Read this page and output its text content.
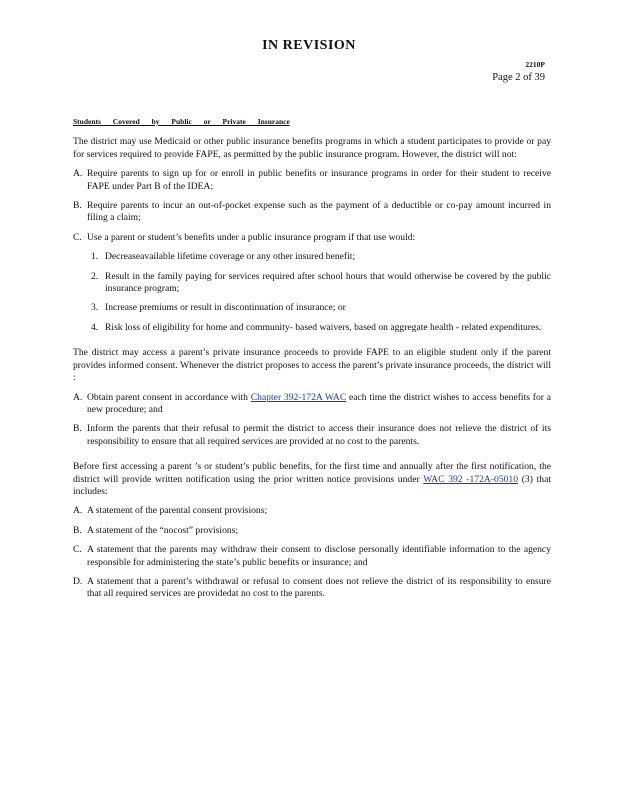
IN REVISION
2210P
Page 2 of 39
Students Covered by Public or Private Insurance

The district may use Medicaid or other public insurance benefits programs in which a student participates to provide or pay for services required to provide FAPE, as permitted by the public insurance program. However, the district will not:

A. Require parents to sign up for or enroll in public benefits or insurance programs in order for their student to receive FAPE under Part B of the IDEA;
B. Require parents to incur an out-of-pocket expense such as the payment of a deductible or co-pay amount incurred in filing a claim;
C. Use a parent or student’s benefits under a public insurance program if that use would:
1. Decreaseavailable lifetime coverage or any other insured benefit;
2. Result in the family paying for services required after school hours that would otherwise be covered by the public insurance program;
3. Increase premiums or result in discontinuation of insurance; or
4. Risk loss of eligibility for home and community- based waivers, based on aggregate health - related expenditures.

The district may access a parent’s private insurance proceeds to provide FAPE to an eligible student only if the parent provides informed consent. Whenever the district proposes to access the parent’s private insurance proceeds, the district will :

A. Obtain parent consent in accordance with Chapter 392-172A WAC each time the district wishes to access benefits for a new procedure; and
B. Inform the parents that their refusal to permit the district to access their insurance does not relieve the district of its responsibility to ensure that all required services are provided at no cost to the parents.

Before first accessing a parent ’s or student’s public benefits, for the first time and annually after the first notification, the district will provide written notification using the prior written notice provisions under WAC 392 -172A-05010 (3) that includes:

A. A statement of the parental consent provisions;
B. A statement of the “nocost” provisions;
C. A statement that the parents may withdraw their consent to disclose personally identifiable information to the agency responsible for administering the state’s public benefits or insurance; and
D. A statement that a parent’s withdrawal or refusal to consent does not relieve the district of its responsibility to ensure that all required services are providedat no cost to the parents.
